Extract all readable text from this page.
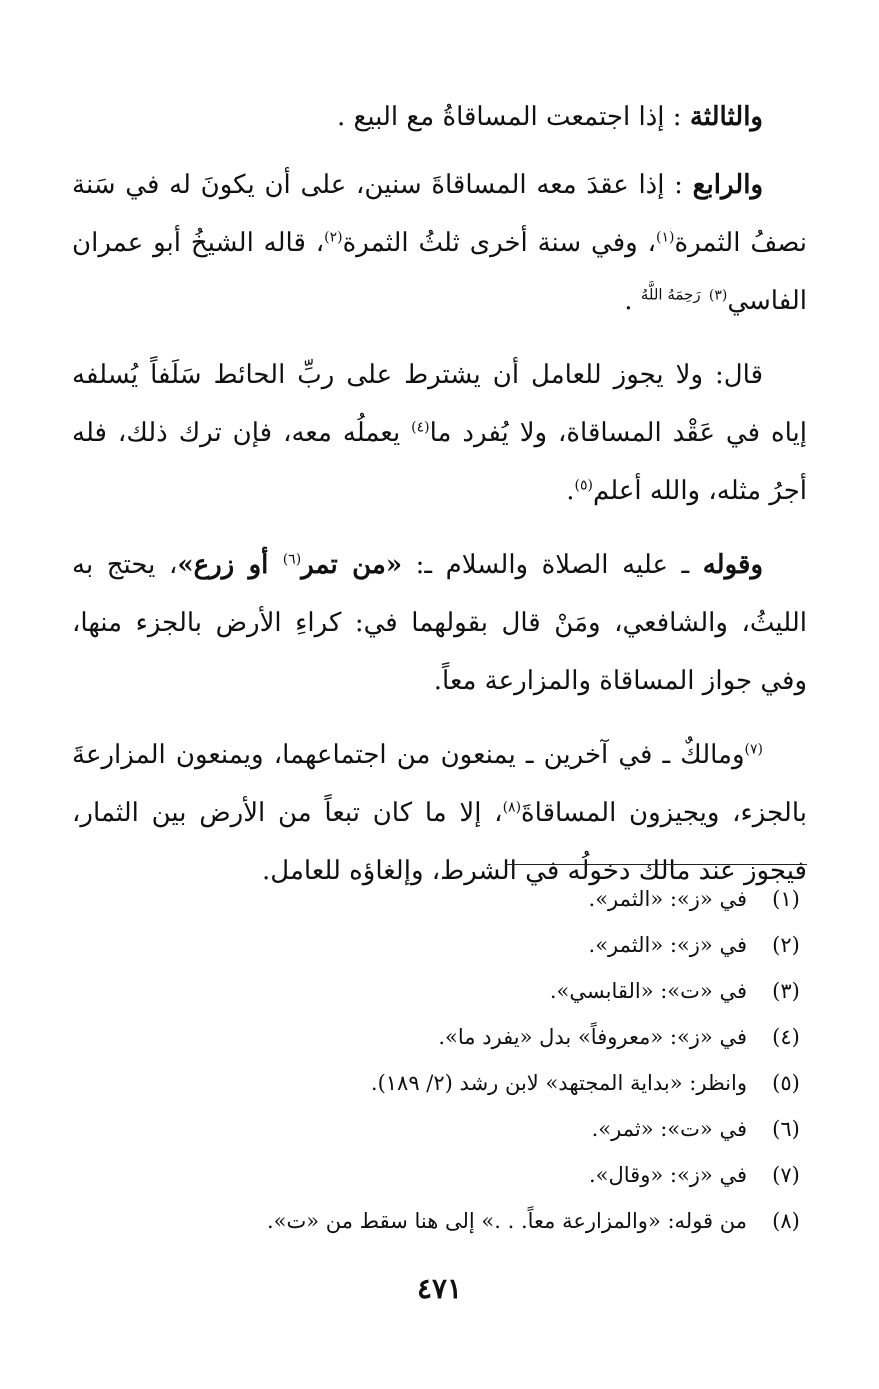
والثالثة : إذا اجتمعت المساقاةُ مع البيع .

والرابع : إذا عقدَ معه المساقاةَ سنين، على أن يكونَ له في سَنة نصفُ الثمرة$^{(١)}$، وفي سنة أخرى ثلثُ الثمرة$^{(٢)}$، قاله الشيخُ أبو عمران الفاسي$^{(٣)}$ $^{رَحِمَهُ اللَّهُ}$ .

قال: ولا يجوز للعامل أن يشترط على ربِّ الحائط سَلَفاً يُسلفه إياه في عَقْد المساقاة، ولا يُفرد ما$^{(٤)}$ يعملُه معه، فإن ترك ذلك، فله أجرُ مثله، والله أعلم$^{(٥)}$.

وقوله ـ عليه الصلاة والسلام ـ: «من تمر$^{(٦)}$ أو زرع»، يحتج به الليثُ، والشافعي، ومَنْ قال بقولهما في: كراءِ الأرض بالجزء منها، وفي جواز المساقاة والمزارعة معاً.

$^{(٧)}$ومالكٌ ـ في آخرين ـ يمنعون من اجتماعهما، ويمنعون المزارعةَ بالجزء، ويجيزون المساقاةَ$^{(٨)}$، إلا ما كان تبعاً من الأرض بين الثمار، فيجوز عند مالك دخولُه في الشرط، وإلغاؤه للعامل.

(١)
في «ز»: «الثمر».
(٢)
في «ز»: «الثمر».
(٣)
في «ت»: «القابسي».
(٤)
في «ز»: «معروفاً» بدل «يفرد ما».
(٥)
وانظر: «بداية المجتهد» لابن رشد (٢/ ١٨٩).
(٦)
في «ت»: «ثمر».
(٧)
في «ز»: «وقال».
(٨)
من قوله: «والمزارعة معاً. . .» إلى هنا سقط من «ت».
٤٧١
